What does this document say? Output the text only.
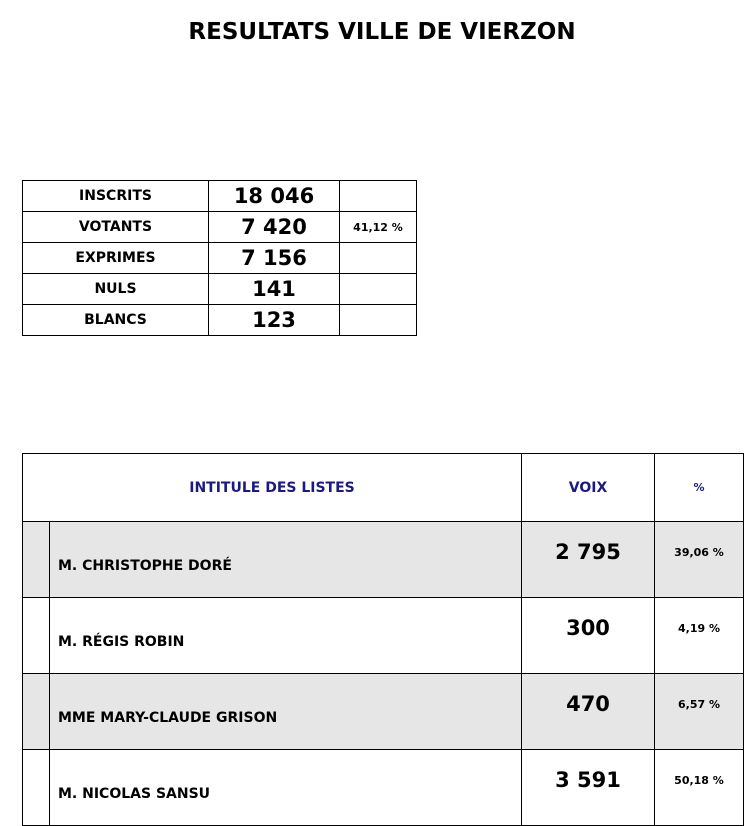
RESULTATS VILLE DE VIERZON
INSCRITS	18 046	
VOTANTS	7 420	41,12 %
EXPRIMES	7 156	
NULS	141	
BLANCS	123	
INTITULE DES LISTES		VOIX	%
	M. CHRISTOPHE DORÉ	2 795	39,06 %
	M. RÉGIS ROBIN	300	4,19 %
	MME MARY-CLAUDE GRISON	470	6,57 %
	M. NICOLAS SANSU	3 591	50,18 %
